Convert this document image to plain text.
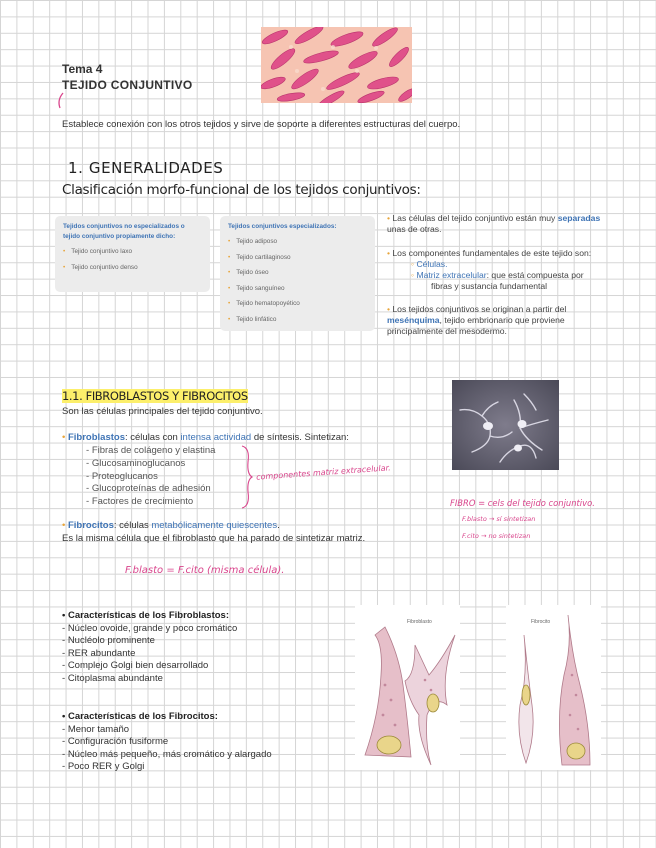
Tema 4
TEJIDO CONJUNTIVO
Establece conexión con los otros tejidos y sirve de soporte a diferentes estructuras del cuerpo.
1. GENERALIDADES
Clasificación morfo-funcional de los tejidos conjuntivos:
Tejidos conjuntivos no especializados o
tejido conjuntivo propiamente dicho:
• Tejido conjuntivo laxo
• Tejido conjuntivo denso
Tejidos conjuntivos especializados:
• Tejido adiposo
• Tejido cartilaginoso
• Tejido óseo
• Tejido sanguíneo
• Tejido hematopoyético
• Tejido linfático
• Las células del tejido conjuntivo están muy separadas
unas de otras.
• Los componentes fundamentales de este tejido son:
◦ Células.
◦ Matriz extracelular: que está compuesta por
fibras y sustancia fundamental
• Los tejidos conjuntivos se originan a partir del
mesénquima, tejido embrionario que proviene
principalmente del mesodermo.
1.1. FIBROBLASTOS Y FIBROCITOS
Son las células principales del tejido conjuntivo.
• Fibroblastos: células con intensa actividad de síntesis. Sintetizan:
- Fibras de colágeno y elastina
- Glucosaminoglucanos
- Proteoglucanos
- Glucoproteínas de adhesión
- Factores de crecimiento
componentes matriz extracelular.
• Fibrocitos: células metabólicamente quiescentes.
Es la misma célula que el fibroblasto que ha parado de sintetizar matriz.
F.blasto = F.cito (misma célula).
FIBRO = cels del tejido conjuntivo.
F.blasto → sí sintetizan
F.cito → no sintetizan
• Características de los Fibroblastos:
- Núcleo ovoide, grande y poco cromático
- Nucléolo prominente
- RER abundante
- Complejo Golgi bien desarrollado
- Citoplasma abundante
• Características de los Fibrocitos:
- Menor tamaño
- Configuración fusiforme
- Núcleo más pequeño, más cromático y alargado
- Poco RER y Golgi
Fibroblasto	Fibrocito
